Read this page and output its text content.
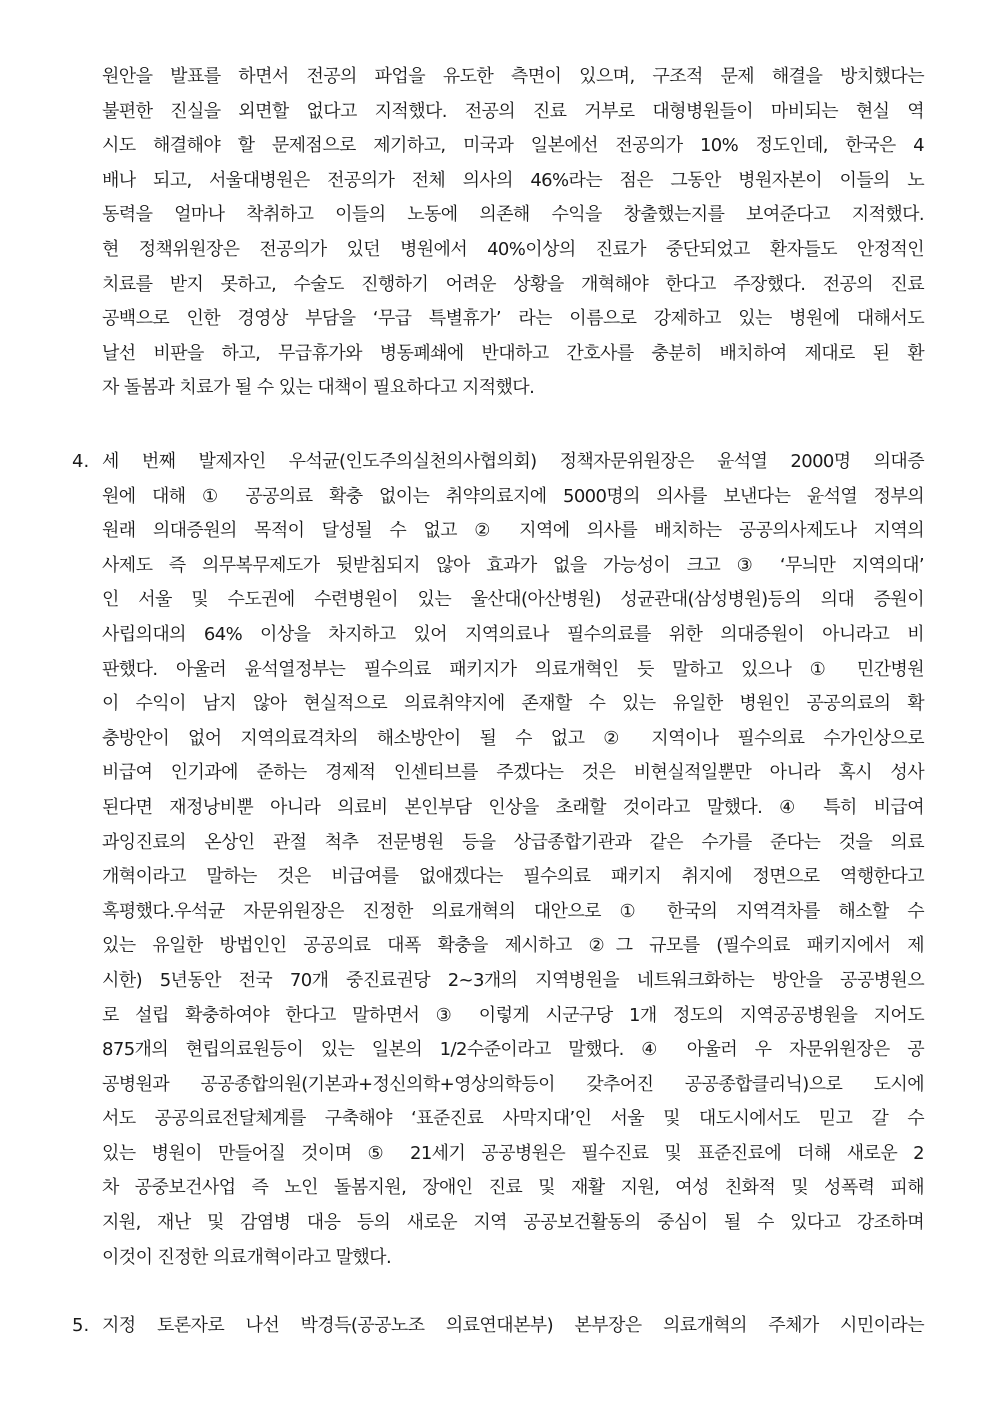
원안을 발표를 하면서 전공의 파업을 유도한 측면이 있으며, 구조적 문제 해결을 방치했다는
불편한 진실을 외면할 없다고 지적했다. 전공의 진료 거부로 대형병원들이 마비되는 현실 역
시도 해결해야 할 문제점으로 제기하고, 미국과 일본에선 전공의가 10% 정도인데, 한국은 4
배나 되고, 서울대병원은 전공의가 전체 의사의 46%라는 점은 그동안 병원자본이 이들의 노
동력을 얼마나 착취하고 이들의 노동에 의존해 수익을 창출했는지를 보여준다고 지적했다.
현 정책위원장은 전공의가 있던 병원에서 40%이상의 진료가 중단되었고 환자들도 안정적인
치료를 받지 못하고, 수술도 진행하기 어려운 상황을 개혁해야 한다고 주장했다. 전공의 진료
공백으로 인한 경영상 부담을 ‘무급 특별휴가’ 라는 이름으로 강제하고 있는 병원에 대해서도
날선 비판을 하고, 무급휴가와 병동폐쇄에 반대하고 간호사를 충분히 배치하여 제대로 된 환
자 돌봄과 치료가 될 수 있는 대책이 필요하다고 지적했다.
4. 세 번째 발제자인 우석균(인도주의실천의사협의회) 정책자문위원장은 윤석열 2000명 의대증
원에 대해 ① 공공의료 확충 없이는 취약의료지에 5000명의 의사를 보낸다는 윤석열 정부의
원래 의대증원의 목적이 달성될 수 없고 ② 지역에 의사를 배치하는 공공의사제도나 지역의
사제도 즉 의무복무제도가 뒷받침되지 않아 효과가 없을 가능성이 크고 ③ ‘무늬만 지역의대’
인 서울 및 수도권에 수련병원이 있는 울산대(아산병원) 성균관대(삼성병원)등의 의대 증원이
사립의대의 64% 이상을 차지하고 있어 지역의료나 필수의료를 위한 의대증원이 아니라고 비
판했다. 아울러 윤석열정부는 필수의료 패키지가 의료개혁인 듯 말하고 있으나 ① 민간병원
이 수익이 남지 않아 현실적으로 의료취약지에 존재할 수 있는 유일한 병원인 공공의료의 확
충방안이 없어 지역의료격차의 해소방안이 될 수 없고 ② 지역이나 필수의료 수가인상으로
비급여 인기과에 준하는 경제적 인센티브를 주겠다는 것은 비현실적일뿐만 아니라 혹시 성사
된다면 재정낭비뿐 아니라 의료비 본인부담 인상을 초래할 것이라고 말했다. ④ 특히 비급여
과잉진료의 온상인 관절 척추 전문병원 등을 상급종합기관과 같은 수가를 준다는 것을 의료
개혁이라고 말하는 것은 비급여를 없애겠다는 필수의료 패키지 취지에 정면으로 역행한다고
혹평했다.우석균 자문위원장은 진정한 의료개혁의 대안으로 ① 한국의 지역격차를 해소할 수
있는 유일한 방법인인 공공의료 대폭 확충을 제시하고 ②그 규모를 (필수의료 패키지에서 제
시한) 5년동안 전국 70개 중진료권당 2~3개의 지역병원을 네트워크화하는 방안을 공공병원으
로 설립 확충하여야 한다고 말하면서 ③ 이렇게 시군구당 1개 정도의 지역공공병원을 지어도
875개의 현립의료원등이 있는 일본의 1/2수준이라고 말했다. ④ 아울러 우 자문위원장은 공
공병원과 공공종합의원(기본과+정신의학+영상의학등이 갖추어진 공공종합클리닉)으로 도시에
서도 공공의료전달체계를 구축해야 ‘표준진료 사막지대’인 서울 및 대도시에서도 믿고 갈 수
있는 병원이 만들어질 것이며 ⑤ 21세기 공공병원은 필수진료 및 표준진료에 더해 새로운 2
차 공중보건사업 즉 노인 돌봄지원, 장애인 진료 및 재활 지원, 여성 친화적 및 성폭력 피해
지원, 재난 및 감염병 대응 등의 새로운 지역 공공보건활동의 중심이 될 수 있다고 강조하며
이것이 진정한 의료개혁이라고 말했다.
5. 지정 토론자로 나선 박경득(공공노조 의료연대본부) 본부장은 의료개혁의 주체가 시민이라는
